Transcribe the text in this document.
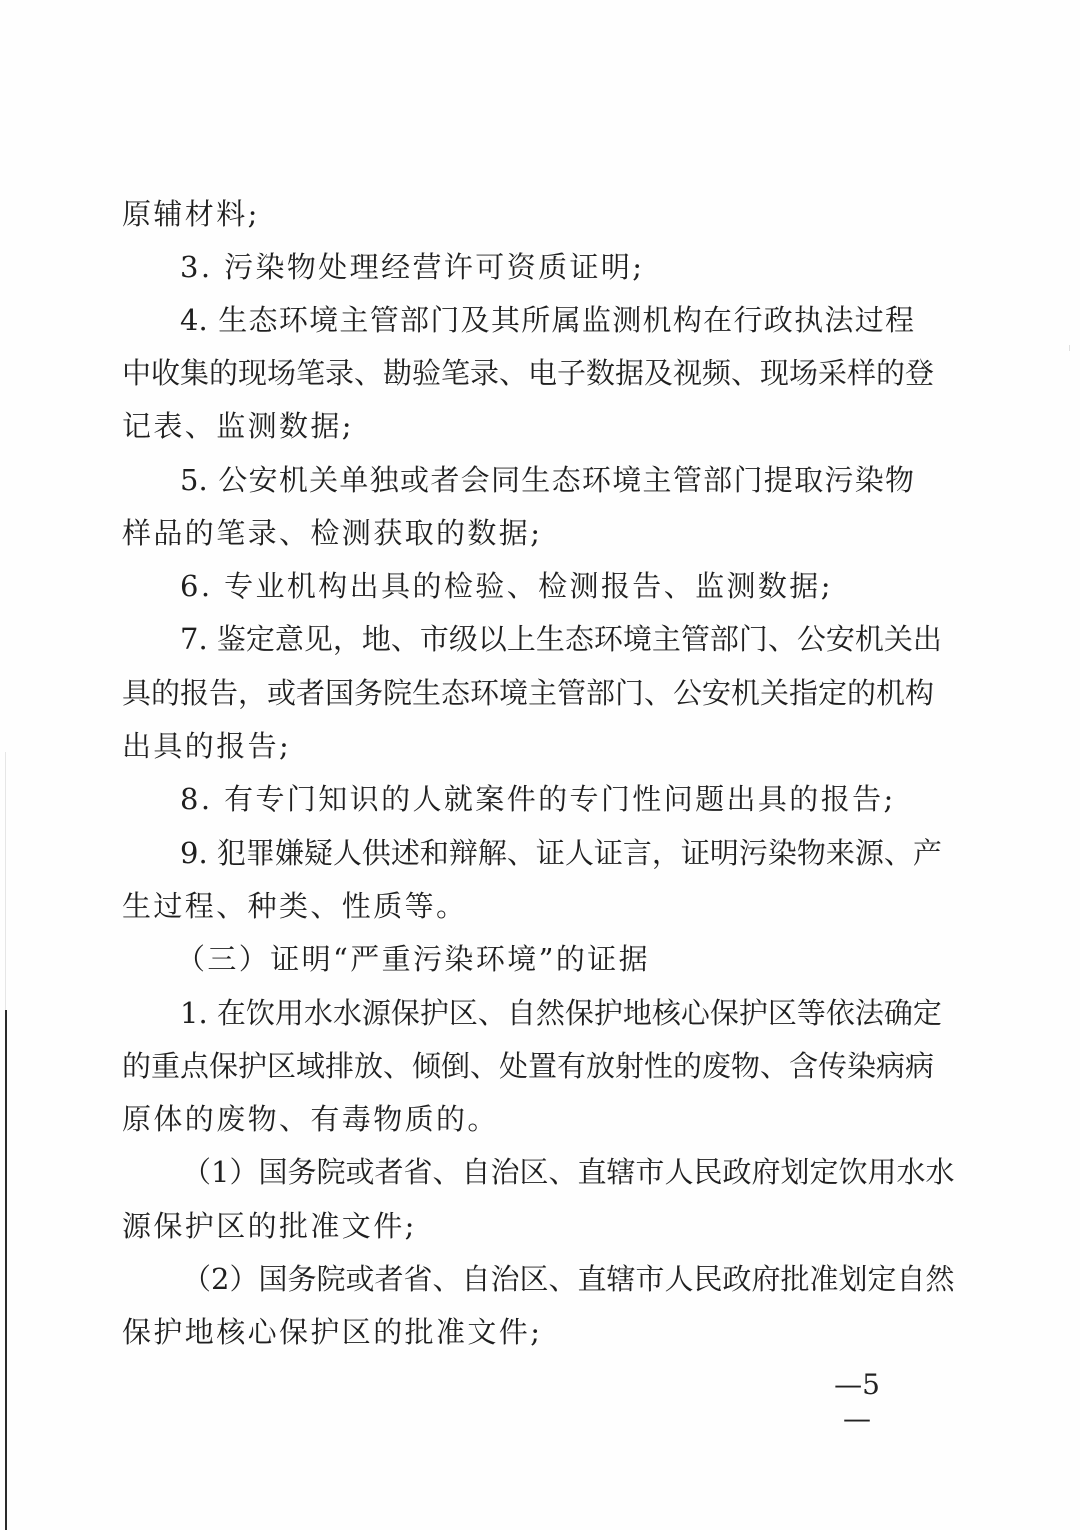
原辅材料;
3. 污染物处理经营许可资质证明;
4. 生态环境主管部门及其所属监测机构在行政执法过程
中收集的现场笔录、勘验笔录、电子数据及视频、现场采样的登
记表、监测数据;
5. 公安机关单独或者会同生态环境主管部门提取污染物
样品的笔录、检测获取的数据;
6. 专业机构出具的检验、检测报告、监测数据;
7. 鉴定意见，地、市级以上生态环境主管部门、公安机关出
具的报告，或者国务院生态环境主管部门、公安机关指定的机构
出具的报告;
8. 有专门知识的人就案件的专门性问题出具的报告;
9. 犯罪嫌疑人供述和辩解、证人证言，证明污染物来源、产
生过程、种类、性质等。
（三）证明“严重污染环境”的证据
1. 在饮用水水源保护区、自然保护地核心保护区等依法确定
的重点保护区域排放、倾倒、处置有放射性的废物、含传染病病
原体的废物、有毒物质的。
（1）国务院或者省、自治区、直辖市人民政府划定饮用水水
源保护区的批准文件;
（2）国务院或者省、自治区、直辖市人民政府批准划定自然
保护地核心保护区的批准文件;
—5—
